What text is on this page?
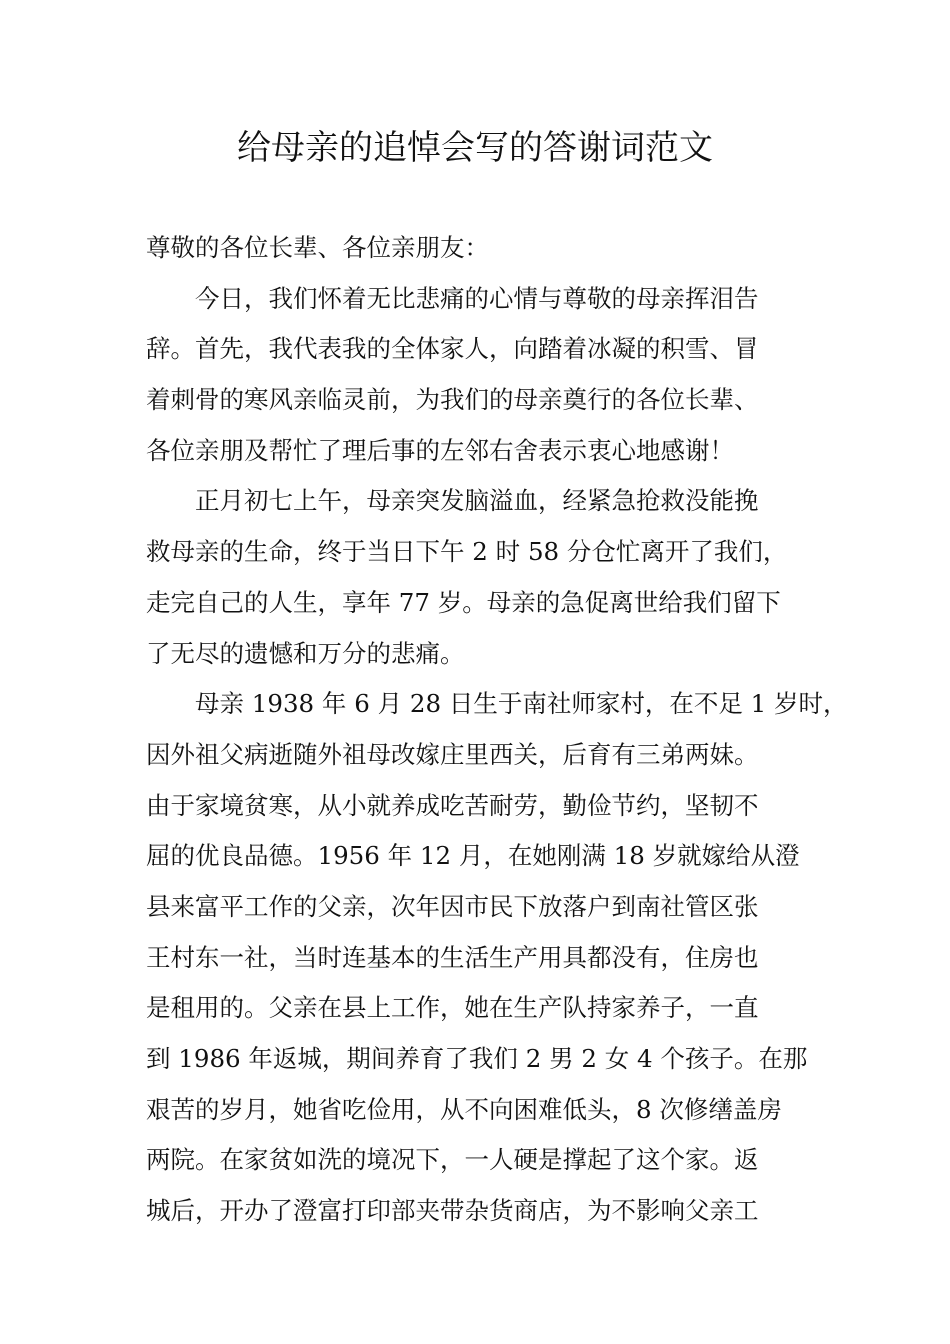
给母亲的追悼会写的答谢词范文
尊敬的各位长辈、各位亲朋友：
今日，我们怀着无比悲痛的心情与尊敬的母亲挥泪告
辞。首先，我代表我的全体家人，向踏着冰凝的积雪、冒
着刺骨的寒风亲临灵前，为我们的母亲奠行的各位长辈、
各位亲朋及帮忙了理后事的左邻右舍表示衷心地感谢！
正月初七上午，母亲突发脑溢血，经紧急抢救没能挽
救母亲的生命，终于当日下午 2 时 58 分仓忙离开了我们，
走完自己的人生，享年 77 岁。母亲的急促离世给我们留下
了无尽的遗憾和万分的悲痛。
母亲 1938 年 6 月 28 日生于南社师家村，在不足 1 岁时，
因外祖父病逝随外祖母改嫁庄里西关，后育有三弟两妹。
由于家境贫寒，从小就养成吃苦耐劳，勤俭节约，坚韧不
屈的优良品德。1956 年 12 月，在她刚满 18 岁就嫁给从澄
县来富平工作的父亲，次年因市民下放落户到南社管区张
王村东一社，当时连基本的生活生产用具都没有，住房也
是租用的。父亲在县上工作，她在生产队持家养子，一直
到 1986 年返城，期间养育了我们 2 男 2 女 4 个孩子。在那
艰苦的岁月，她省吃俭用，从不向困难低头，8 次修缮盖房
两院。在家贫如洗的境况下，一人硬是撑起了这个家。返
城后，开办了澄富打印部夹带杂货商店，为不影响父亲工
